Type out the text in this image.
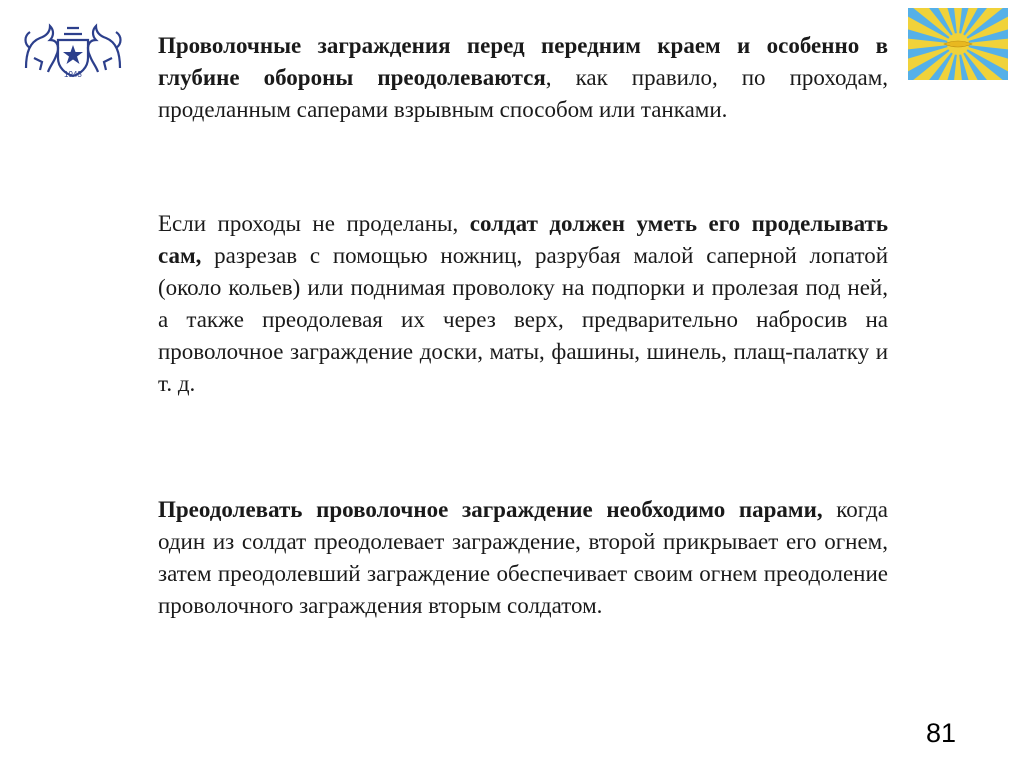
1943
Проволочные заграждения перед передним краем и особенно в глубине обороны преодолеваются, как правило, по проходам, проделанным саперами взрывным способом или танками.
Если проходы не проделаны, солдат должен уметь его проделывать сам, разрезав с помощью ножниц, разрубая малой саперной лопатой (около кольев) или поднимая проволоку на подпорки и пролезая под ней, а также преодолевая их через верх, предварительно набросив на проволочное заграждение доски, маты, фашины, шинель, плащ-палатку и т. д.
Преодолевать проволочное заграждение необходимо парами, когда один из солдат преодолевает заграждение, второй прикрывает его огнем, затем преодолевший заграждение обеспечивает своим огнем преодоление проволочного заграждения вторым солдатом.
81
